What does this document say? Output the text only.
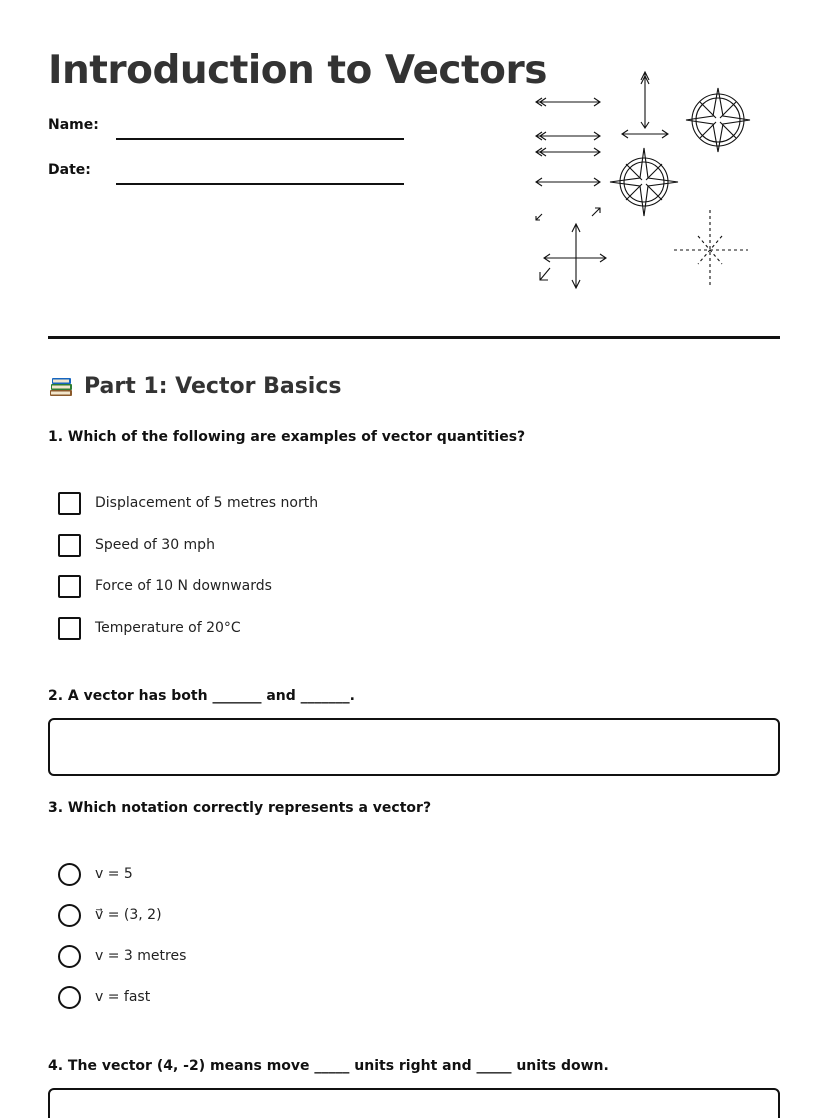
Introduction to Vectors
Name:
Date:
Part 1: Vector Basics
1. Which of the following are examples of vector quantities?
Displacement of 5 metres north
Speed of 30 mph
Force of 10 N downwards
Temperature of 20°C
2. A vector has both _______ and _______.
3. Which notation correctly represents a vector?
v = 5
v⃗ = (3, 2)
v = 3 metres
v = fast
4. The vector (4, -2) means move _____ units right and _____ units down.
